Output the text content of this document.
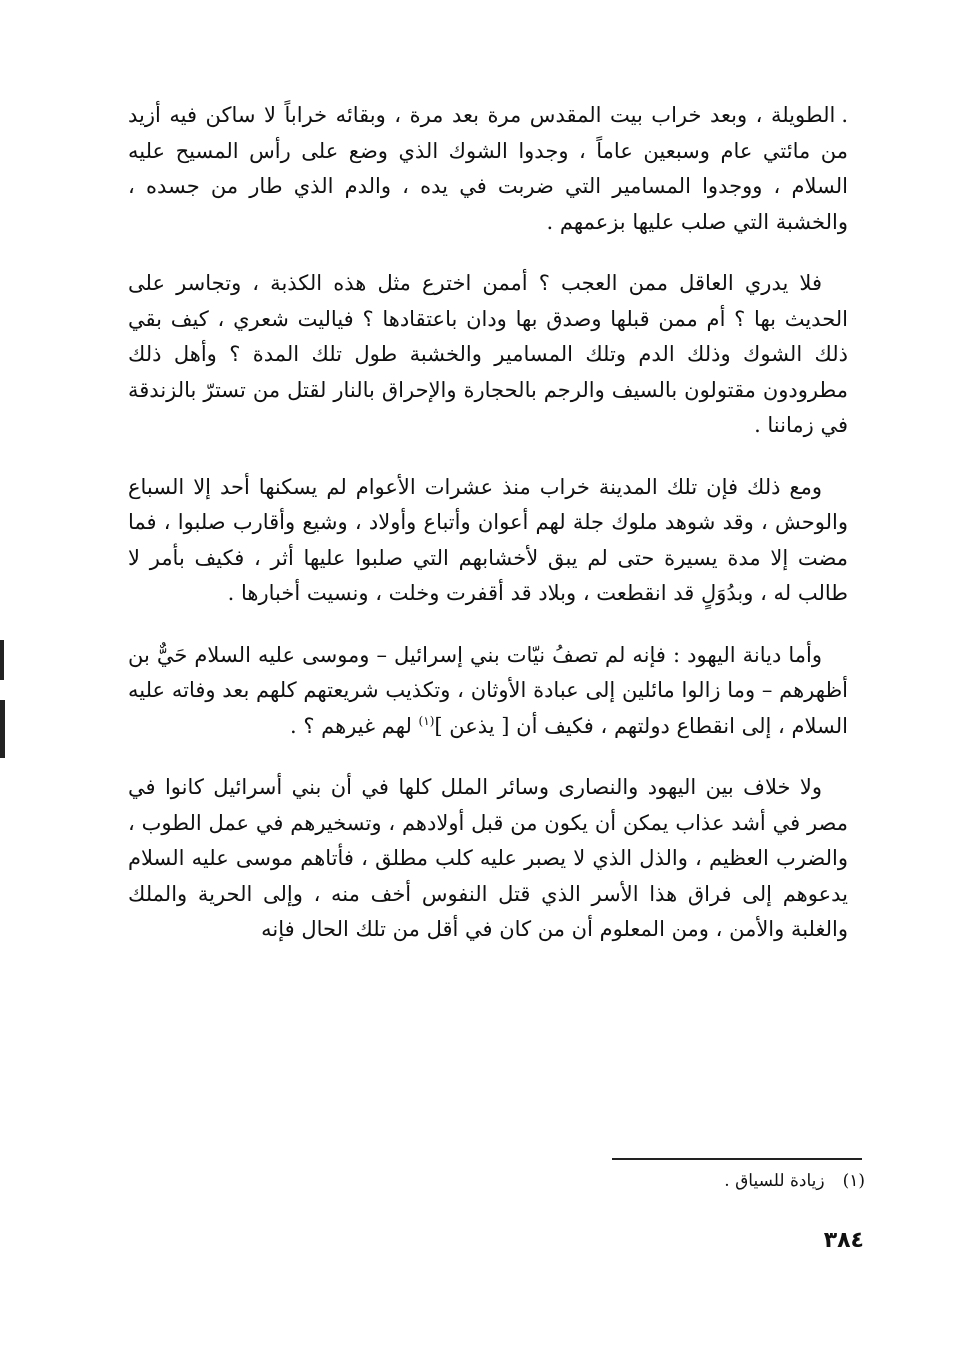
.الطويلة ، وبعد خراب بيت المقدس مرة بعد مرة ، وبقائه خراباً لا ساكن فيه أزيد من مائتي عام وسبعين عاماً ، وجدوا الشوك الذي وضع على رأس المسيح عليه السلام ، ووجدوا المسامير التي ضربت في يده ، والدم الذي طار من جسده ، والخشبة التي صلب عليها بزعمهم .

فلا يدري العاقل ممن العجب ؟ أممن اخترع مثل هذه الكذبة ، وتجاسر على الحديث بها ؟ أم ممن قبلها وصدق بها ودان باعتقادها ؟ فياليت شعري ، كيف بقي ذلك الشوك وذلك الدم وتلك المسامير والخشبة طول تلك المدة ؟ وأهل ذلك مطرودون مقتولون بالسيف والرجم بالحجارة والإحراق بالنار لقتل من تسترّ بالزندقة في زماننا .

ومع ذلك فإن تلك المدينة خراب منذ عشرات الأعوام لم يسكنها أحد إلا السباع والوحش ، وقد شوهد ملوك جلة لهم أعوان وأتباع وأولاد ، وشيع وأقارب صلبوا ، فما مضت إلا مدة يسيرة حتى لم يبق لأخشابهم التي صلبوا عليها أثر ، فكيف بأمر لا طالب له ، وبدُوَلٍ قد انقطعت ، وبلاد قد أقفرت وخلت ، ونسيت أخبارها .

وأما ديانة اليهود : فإنه لم تصفُ نيّات بني إسرائيل – وموسى عليه السلام حَيٌّ بن أظهرهم – وما زالوا مائلين إلى عبادة الأوثان ، وتكذيب شريعتهم كلهم بعد وفاته عليه السلام ، إلى انقطاع دولتهم ، فكيف أن [ يذعن ]$^{(١)}$ لهم غيرهم ؟ .

ولا خلاف بين اليهود والنصارى وسائر الملل كلها في أن بني أسرائيل كانوا في مصر في أشد عذاب يمكن أن يكون من قبل أولادهم ، وتسخيرهم في عمل الطوب ، والضرب العظيم ، والذل الذي لا يصبر عليه كلب مطلق ، فأتاهم موسى عليه السلام يدعوهم إلى فراق هذا الأسر الذي قتل النفوس أخف منه ، وإلى الحرية والملك والغلبة والأمن ، ومن المعلوم أن من كان في أقل من تلك الحال فإنه

(١)زيادة للسياق .
٣٨٤
